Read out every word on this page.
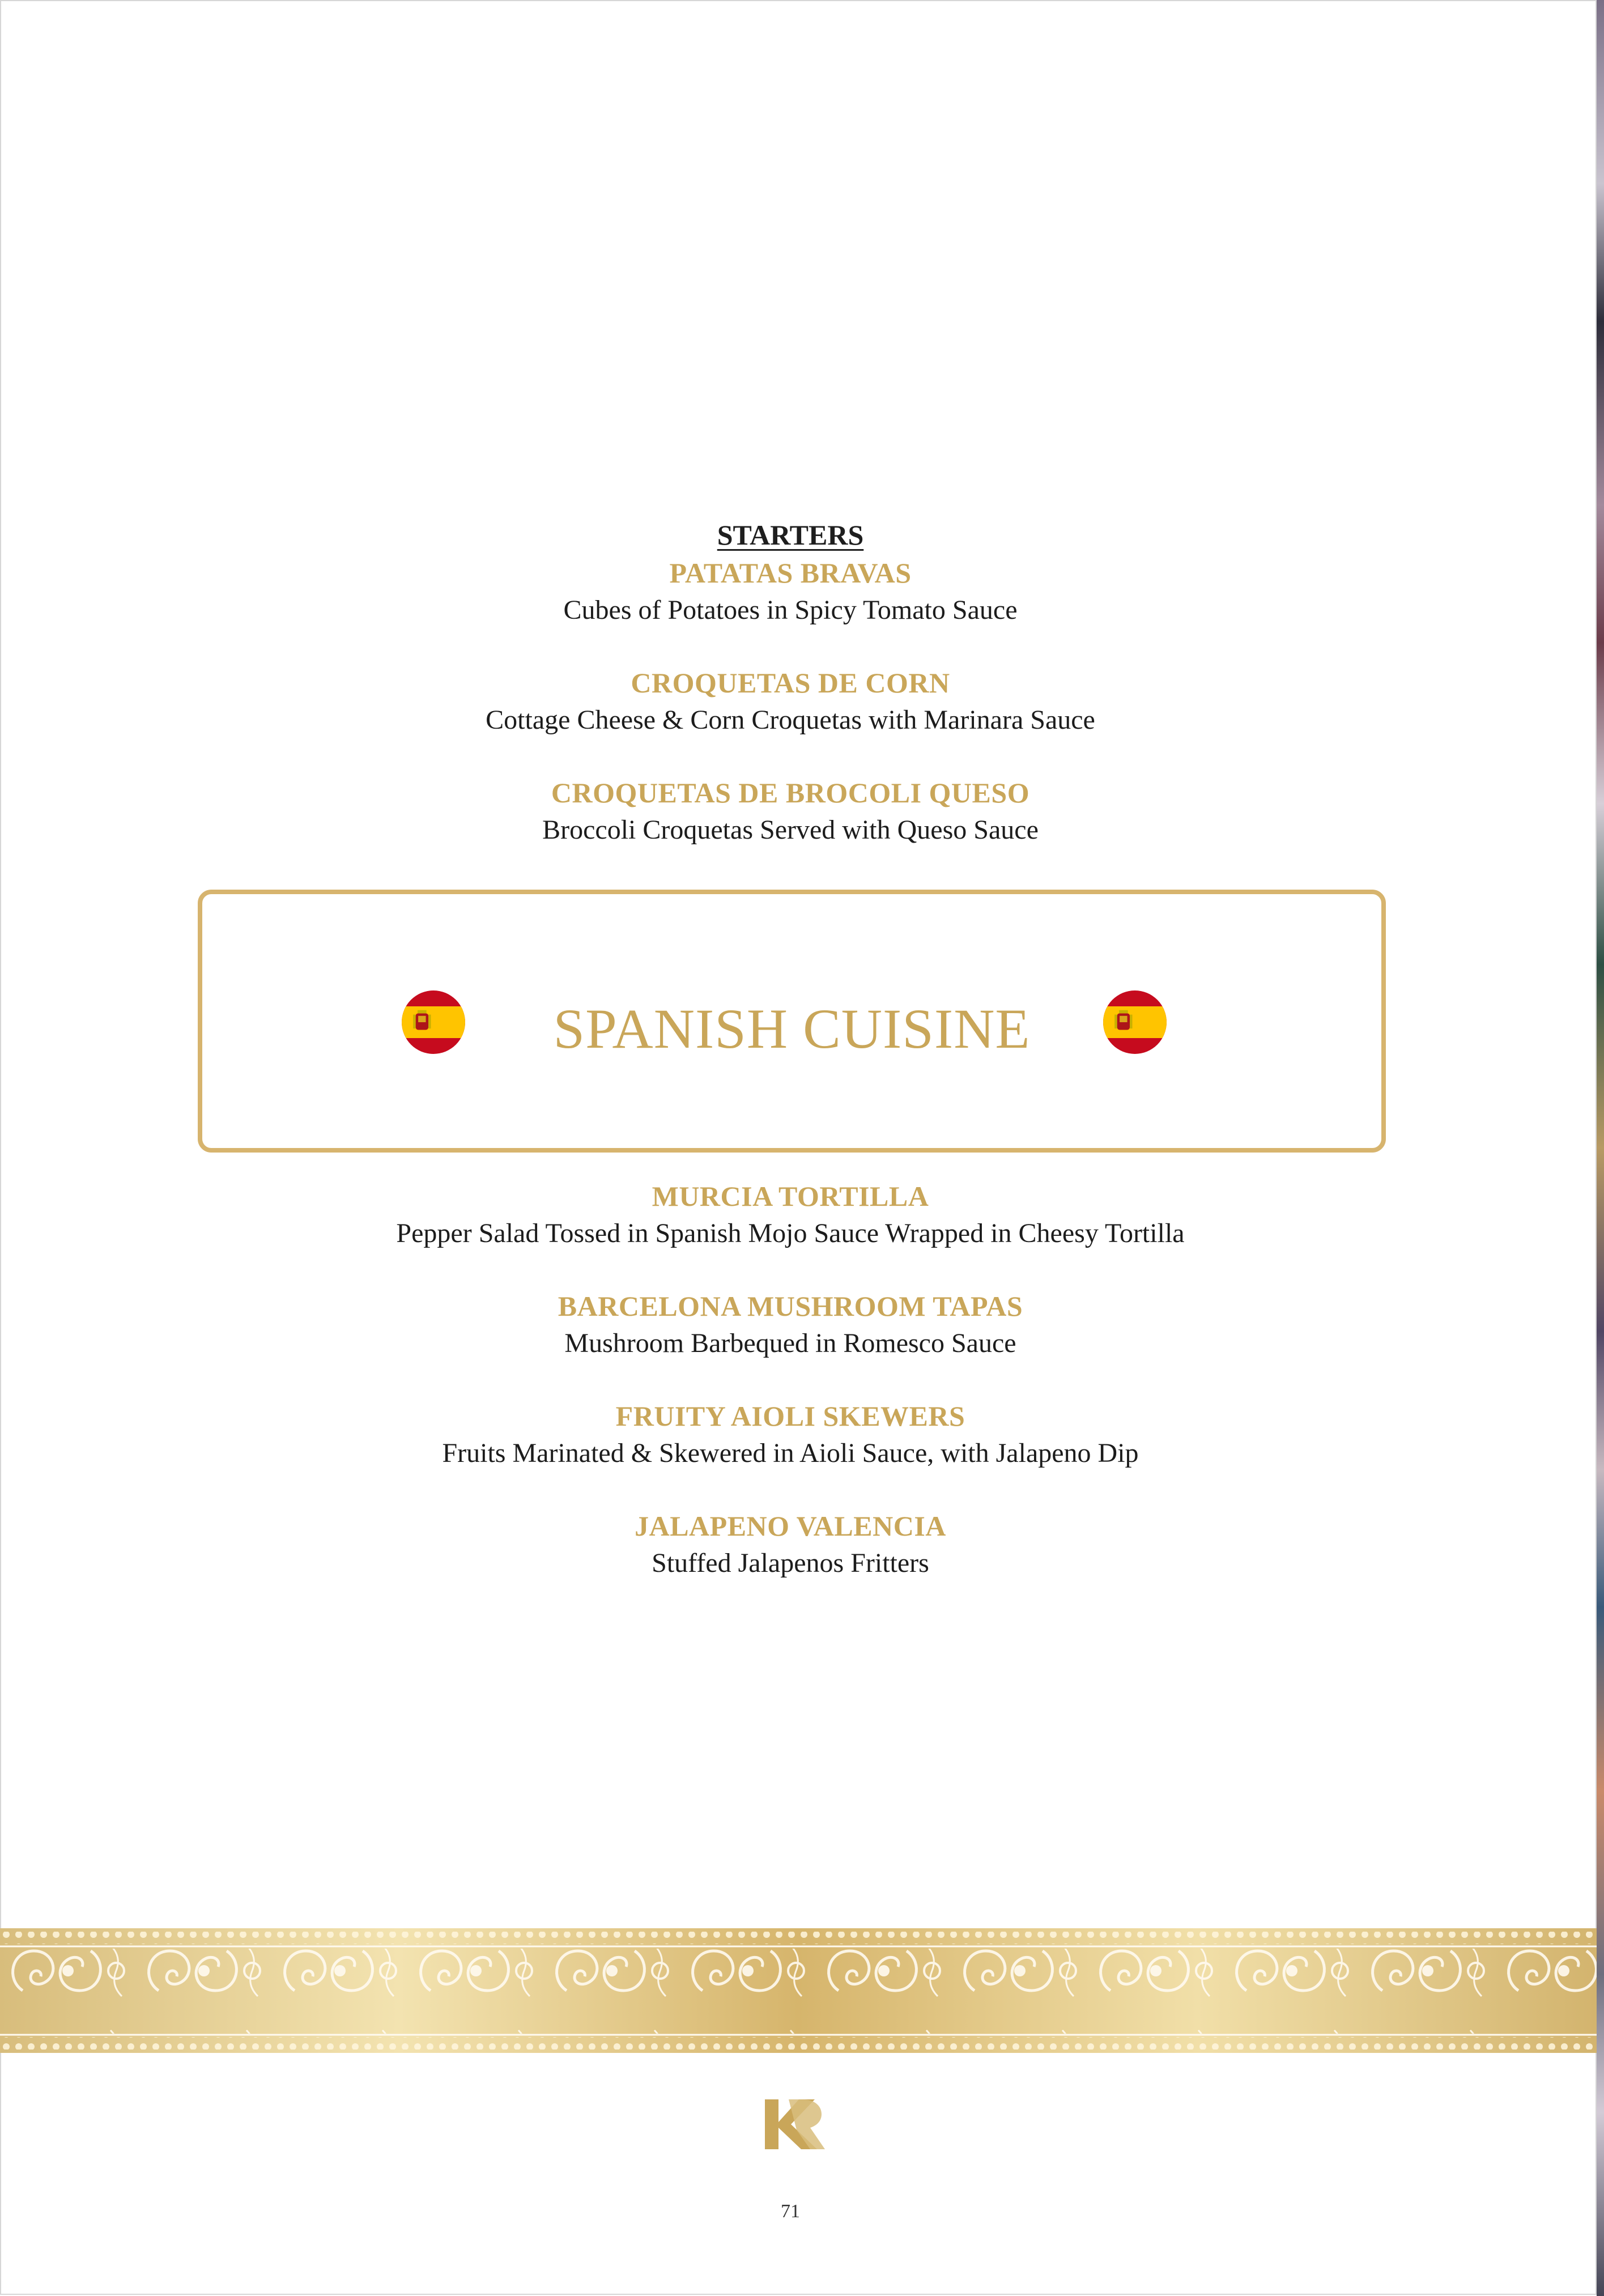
STARTERS
PATATAS BRAVAS
Cubes of Potatoes in Spicy Tomato Sauce
CROQUETAS DE CORN
Cottage Cheese & Corn Croquetas with Marinara Sauce
CROQUETAS DE BROCOLI QUESO
Broccoli Croquetas Served with Queso Sauce
SPANISH CUISINE
MURCIA TORTILLA
Pepper Salad Tossed in Spanish Mojo Sauce Wrapped in Cheesy Tortilla
BARCELONA MUSHROOM TAPAS
Mushroom Barbequed in Romesco Sauce
FRUITY AIOLI SKEWERS
Fruits Marinated & Skewered in Aioli Sauce, with Jalapeno Dip
JALAPENO VALENCIA
Stuffed Jalapenos Fritters
71
